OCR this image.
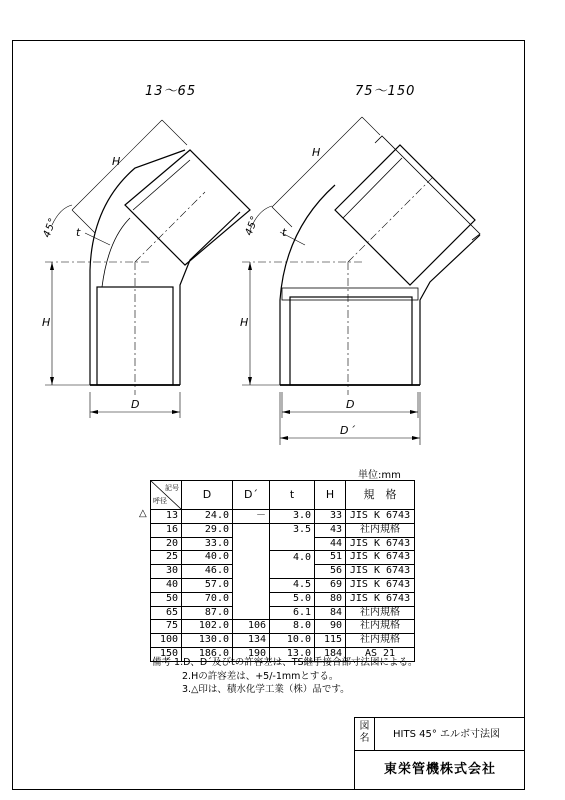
13～65	75～150
H
H
45° t
D
H
H
45° t
D
D´
単位:mm
△
記号
呼径	D	D´	t	H	規　格
13	24.0	－	3.0	33	JIS K 6743
16	29.0		3.5	43	社内規格
20	33.0			44	JIS K 6743
25	40.0		4.0	51	JIS K 6743
30	46.0			56	JIS K 6743
40	57.0		4.5	69	JIS K 6743
50	70.0		5.0	80	JIS K 6743
65	87.0		6.1	84	社内規格
75	102.0	106	8.0	90	社内規格
100	130.0	134	10.0	115	社内規格
150	186.0	190	13.0	184	AS 21
備考 1.D、D´及びtの許容差は、TS継手接合部寸法図による。
2.Hの許容差は、+5/-1mmとする。
3.△印は、積水化学工業（株）品です。
図名	HITS 45° エルボ寸法図
東栄管機株式会社
